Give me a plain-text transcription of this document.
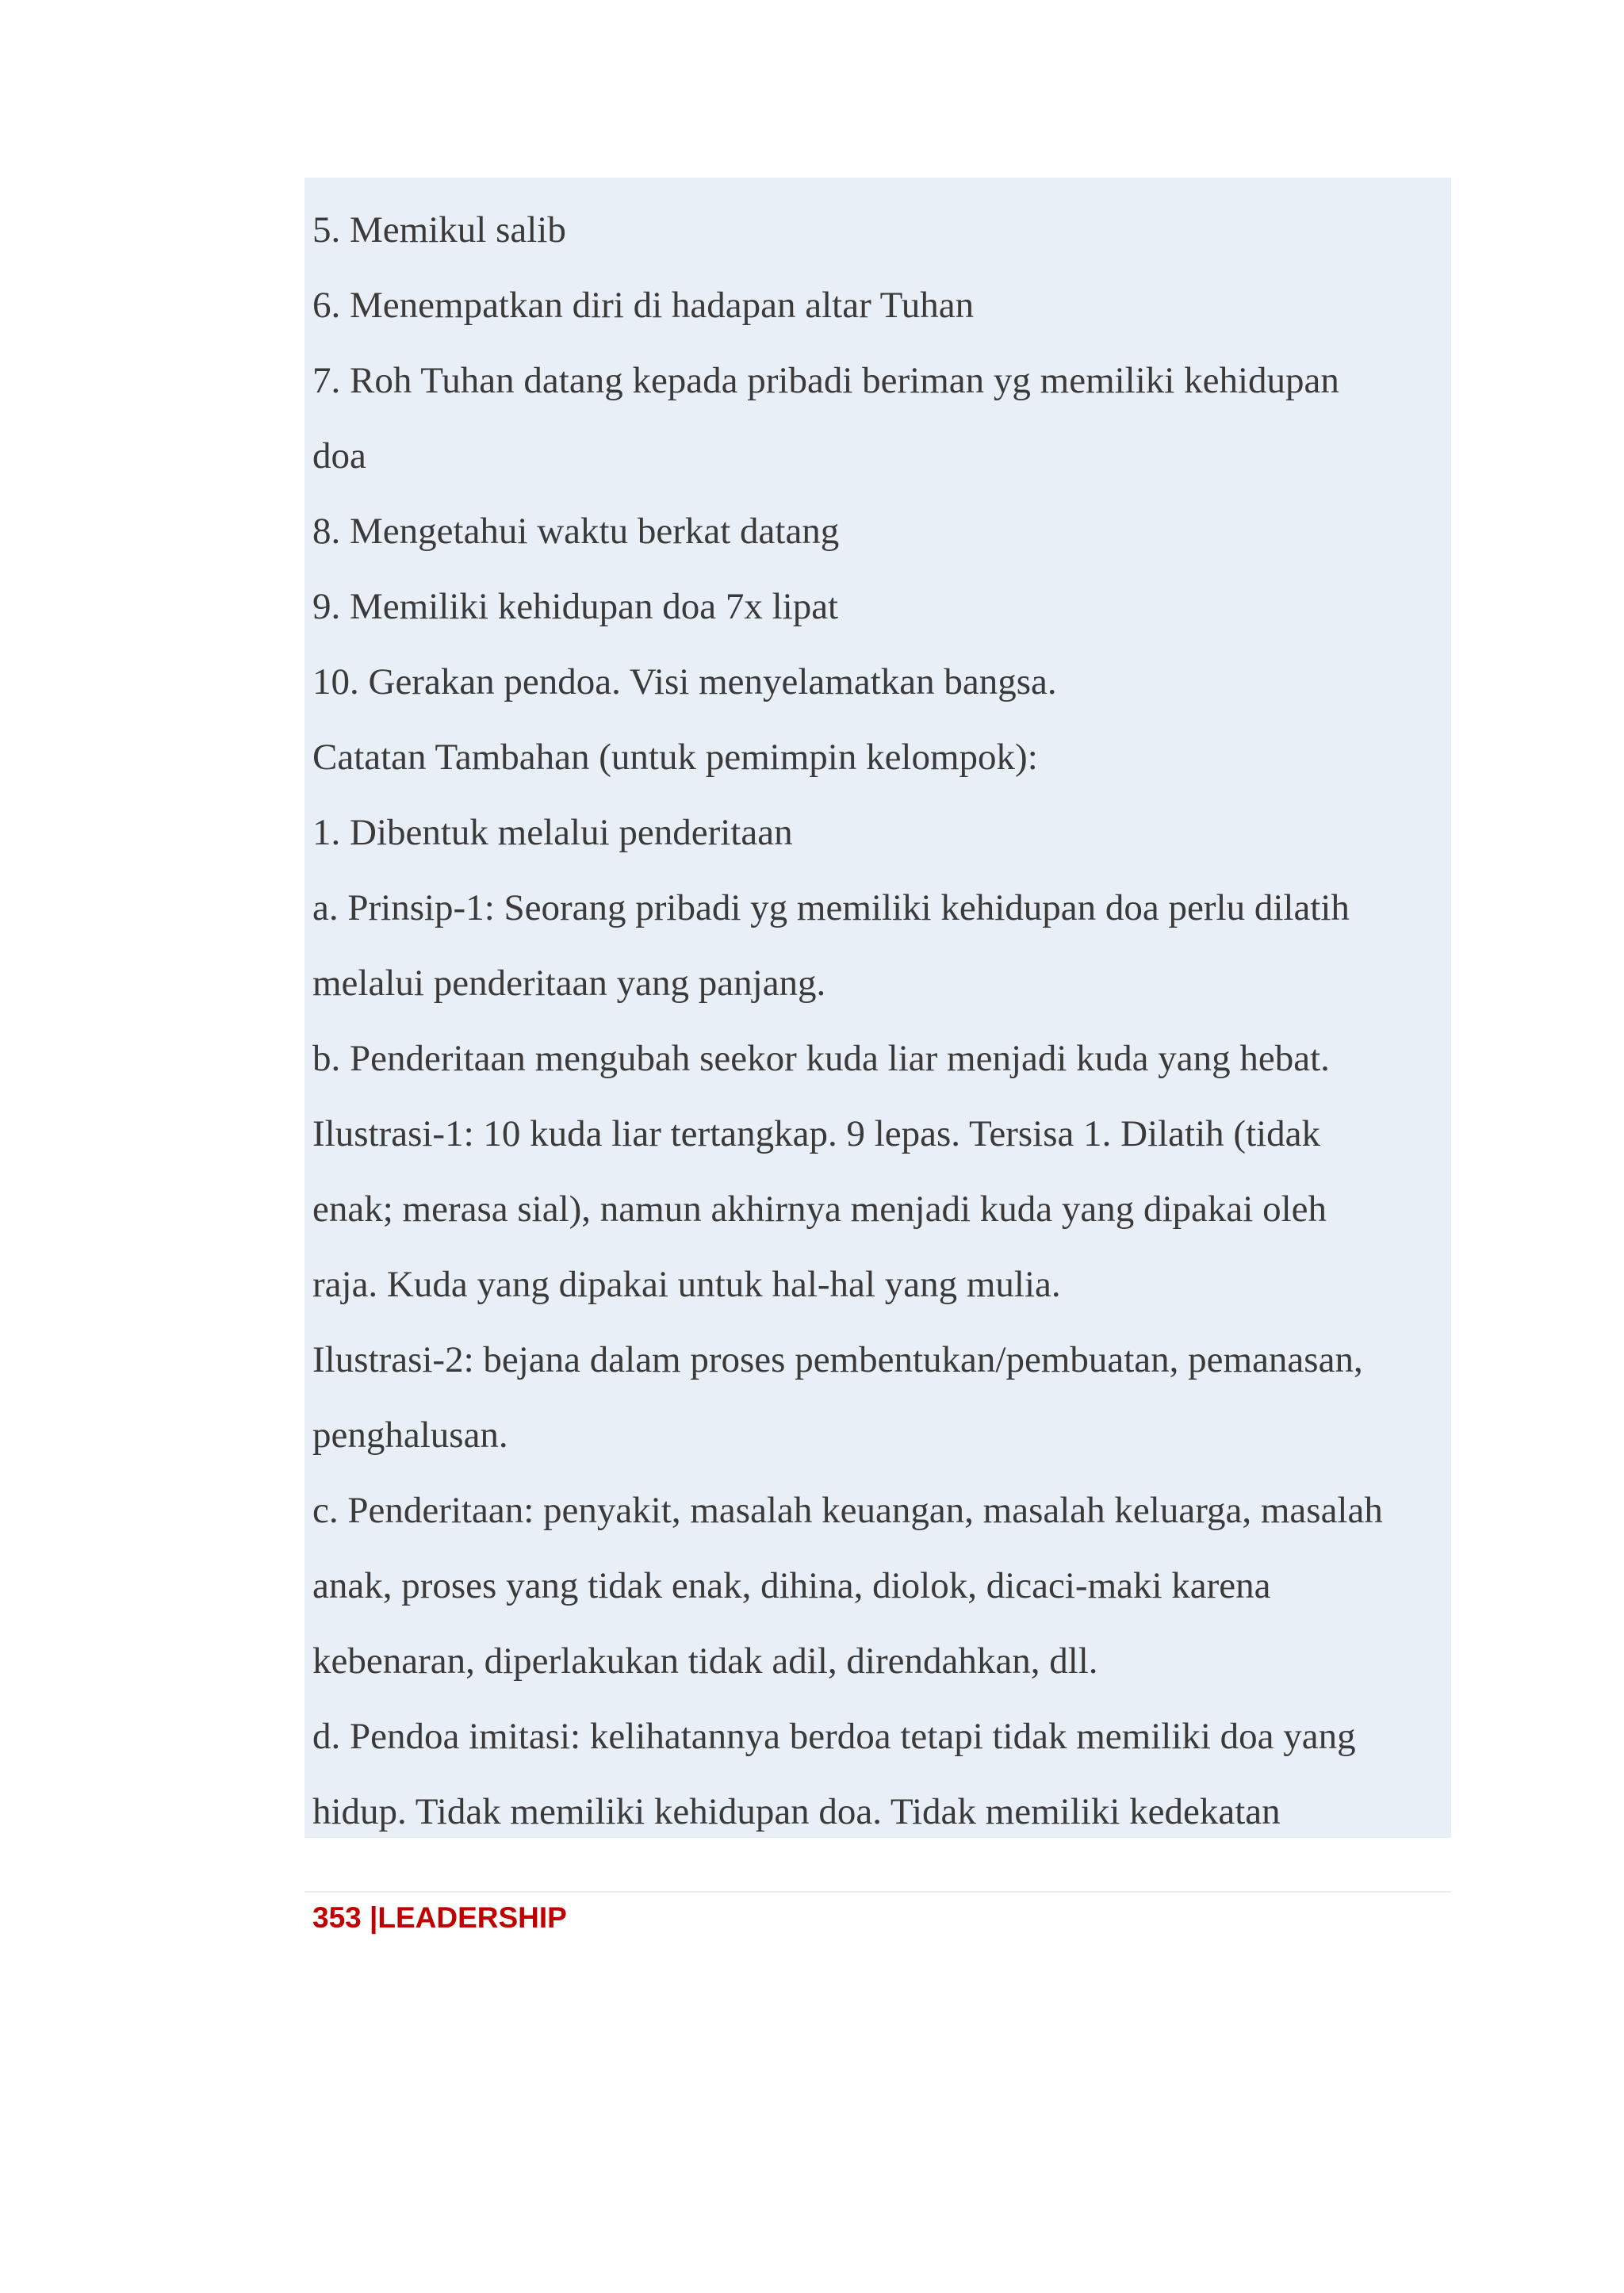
5. Memikul salib
6. Menempatkan diri di hadapan altar Tuhan
7. Roh Tuhan datang kepada pribadi beriman yg memiliki kehidupan
doa
8. Mengetahui waktu berkat datang
9. Memiliki kehidupan doa 7x lipat
10. Gerakan pendoa. Visi menyelamatkan bangsa.
Catatan Tambahan (untuk pemimpin kelompok):
1. Dibentuk melalui penderitaan
a. Prinsip-1: Seorang pribadi yg memiliki kehidupan doa perlu dilatih
melalui penderitaan yang panjang.
b. Penderitaan mengubah seekor kuda liar menjadi kuda yang hebat.
Ilustrasi-1: 10 kuda liar tertangkap. 9 lepas. Tersisa 1. Dilatih (tidak
enak; merasa sial), namun akhirnya menjadi kuda yang dipakai oleh
raja. Kuda yang dipakai untuk hal-hal yang mulia.
Ilustrasi-2: bejana dalam proses pembentukan/pembuatan, pemanasan,
penghalusan.
c. Penderitaan: penyakit, masalah keuangan, masalah keluarga, masalah
anak, proses yang tidak enak, dihina, diolok, dicaci-maki karena
kebenaran, diperlakukan tidak adil, direndahkan, dll.
d. Pendoa imitasi: kelihatannya berdoa tetapi tidak memiliki doa yang
hidup. Tidak memiliki kehidupan doa. Tidak memiliki kedekatan
353 |LEADERSHIP
